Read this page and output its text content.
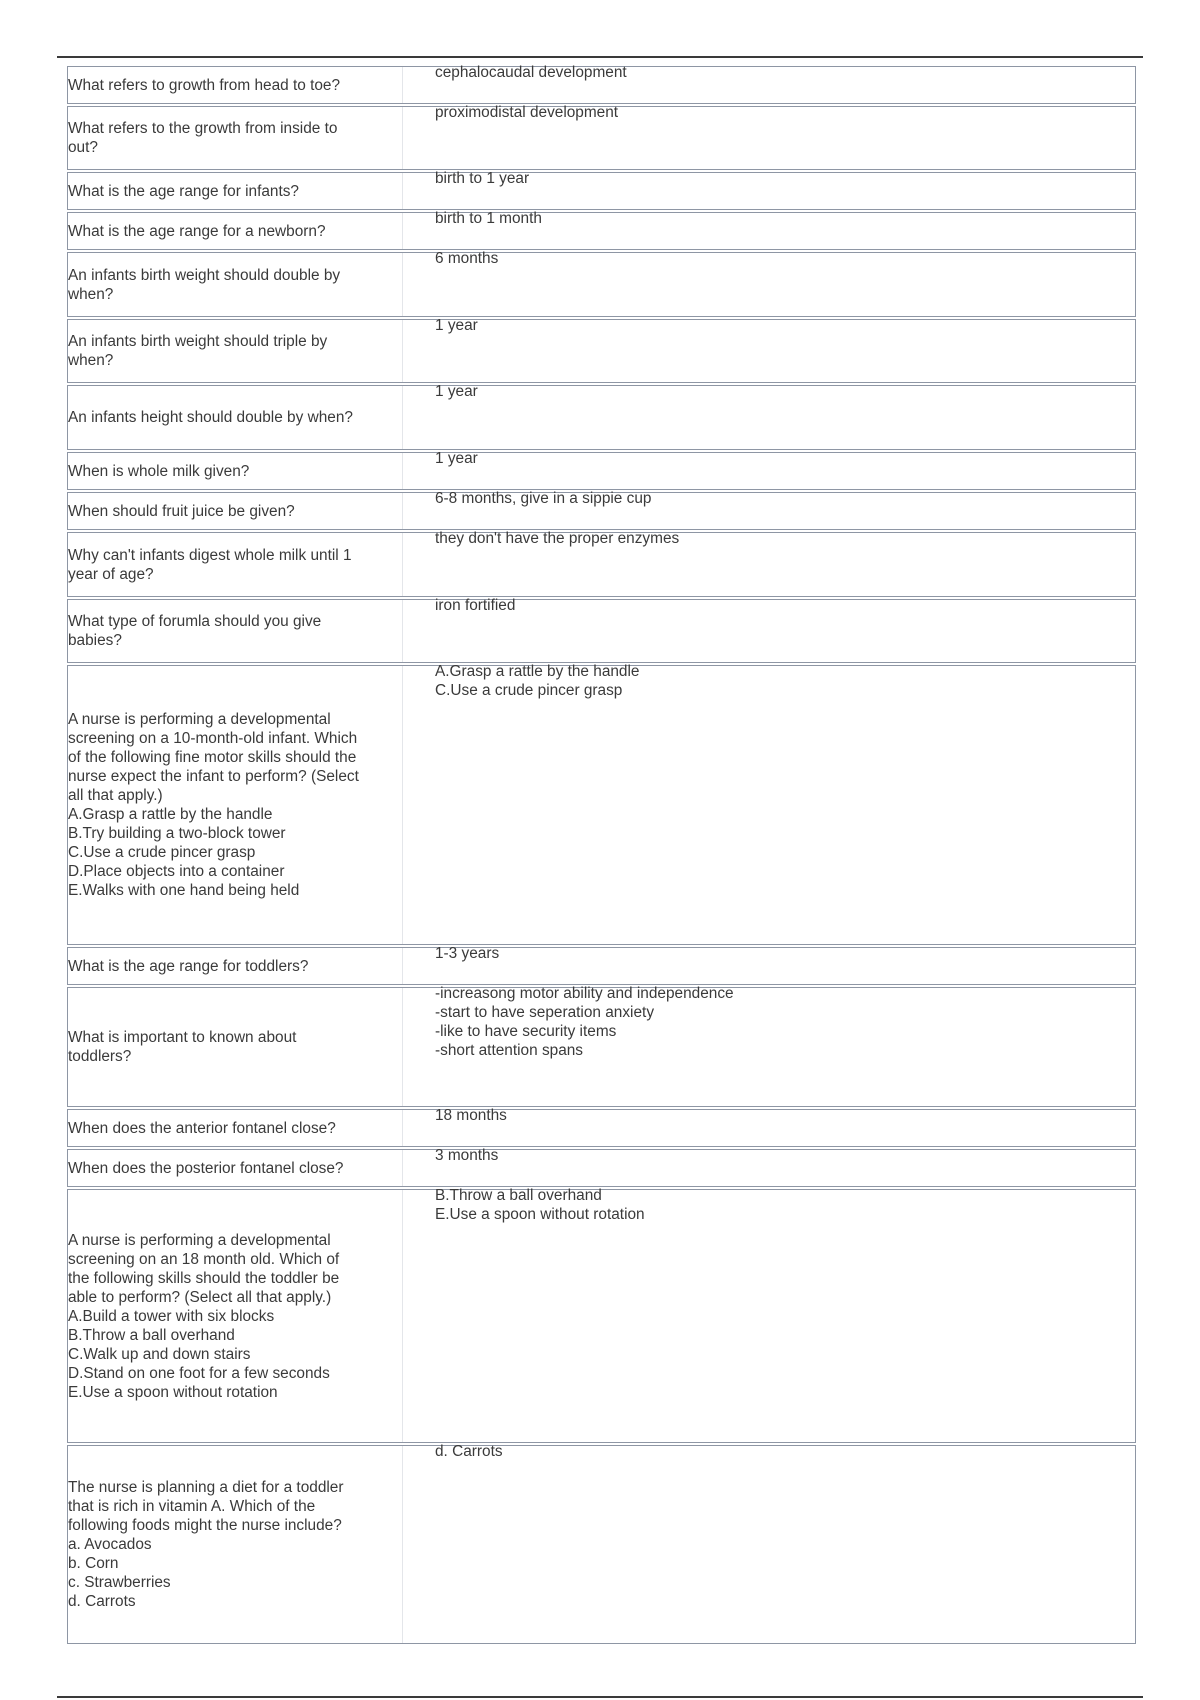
What refers to growth from head to toe?
cephalocaudal development
What refers to the growth from inside to
out?
proximodistal development
What is the age range for infants?
birth to 1 year
What is the age range for a newborn?
birth to 1 month
An infants birth weight should double by
when?
6 months
An infants birth weight should triple by
when?
1 year
An infants height should double by when?
1 year
When is whole milk given?
1 year
When should fruit juice be given?
6-8 months, give in a sippie cup
Why can't infants digest whole milk until 1
year of age?
they don't have the proper enzymes
What type of forumla should you give
babies?
iron fortified
A nurse is performing a developmental
screening on a 10-month-old infant. Which
of the following fine motor skills should the
nurse expect the infant to perform? (Select
all that apply.)
A.Grasp a rattle by the handle
B.Try building a two-block tower
C.Use a crude pincer grasp
D.Place objects into a container
E.Walks with one hand being held
A.Grasp a rattle by the handle
C.Use a crude pincer grasp
What is the age range for toddlers?
1-3 years
What is important to known about
toddlers?
-increasong motor ability and independence
-start to have seperation anxiety
-like to have security items
-short attention spans
When does the anterior fontanel close?
18 months
When does the posterior fontanel close?
3 months
A nurse is performing a developmental
screening on an 18 month old. Which of
the following skills should the toddler be
able to perform? (Select all that apply.)
A.Build a tower with six blocks
B.Throw a ball overhand
C.Walk up and down stairs
D.Stand on one foot for a few seconds
E.Use a spoon without rotation
B.Throw a ball overhand
E.Use a spoon without rotation
The nurse is planning a diet for a toddler
that is rich in vitamin A. Which of the
following foods might the nurse include?
a. Avocados
b. Corn
c. Strawberries
d. Carrots
d. Carrots
